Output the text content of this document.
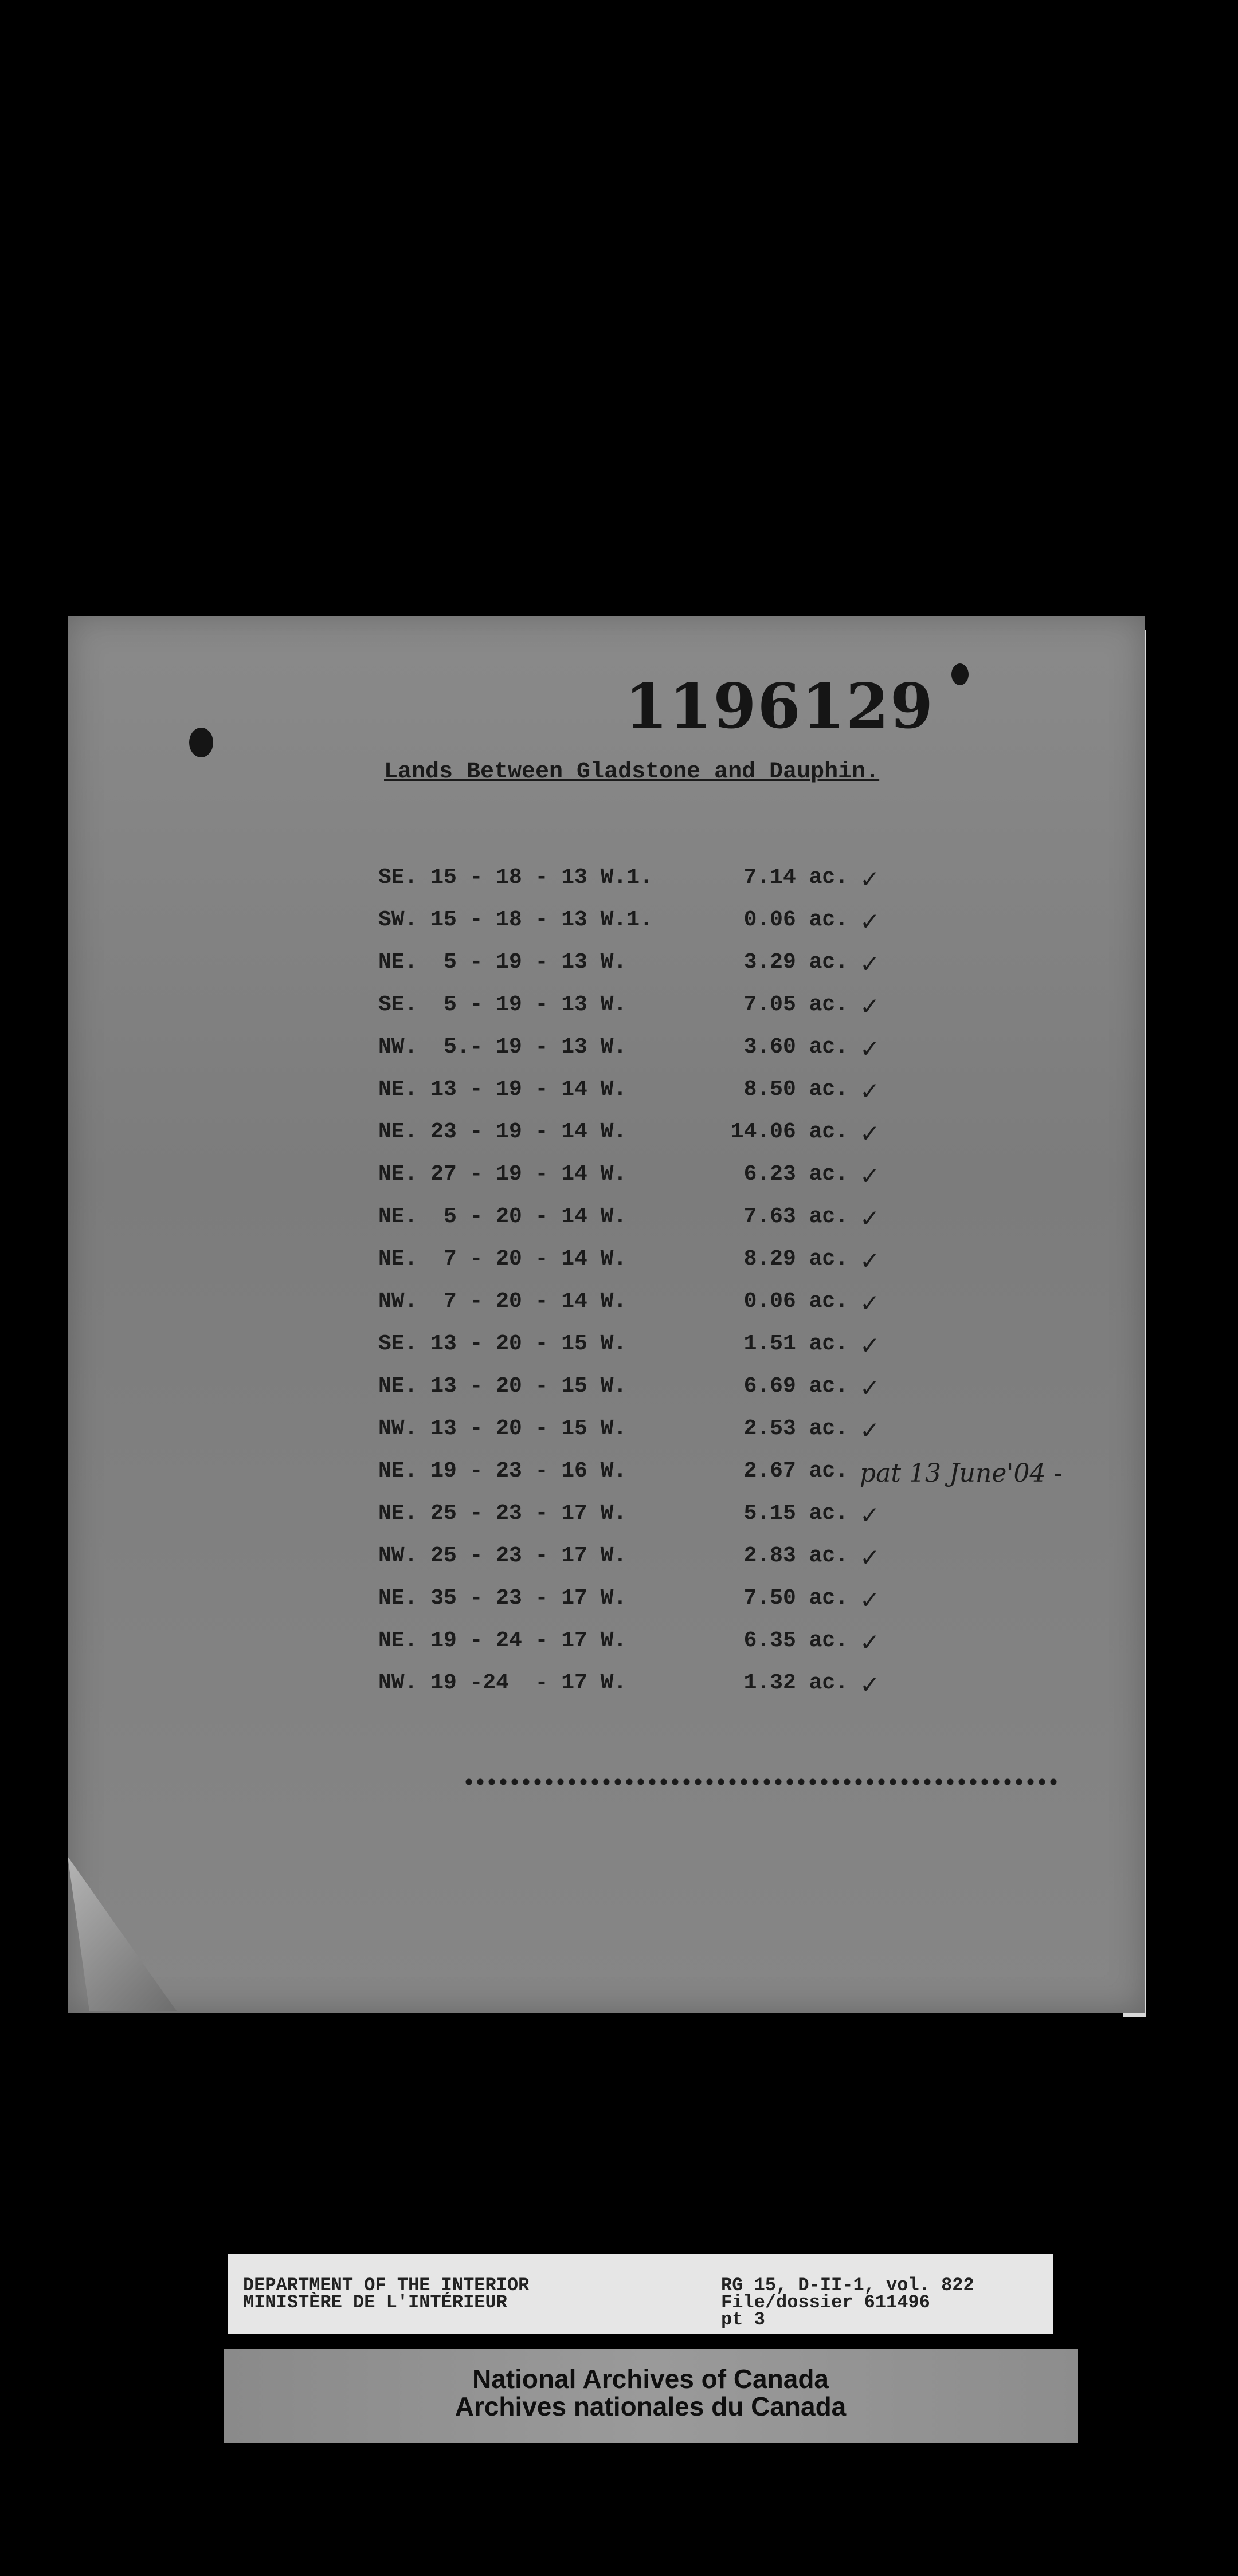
1196129
Lands Between Gladstone and Dauphin.
SE. 15 - 18 - 13 W.1.	7.14 ac. ✓
SW. 15 - 18 - 13 W.1.	0.06 ac. ✓
NE.  5 - 19 - 13 W.	3.29 ac. ✓
SE.  5 - 19 - 13 W.	7.05 ac. ✓
NW.  5.- 19 - 13 W.	3.60 ac. ✓
NE. 13 - 19 - 14 W.	8.50 ac. ✓
NE. 23 - 19 - 14 W.	14.06 ac. ✓
NE. 27 - 19 - 14 W.	6.23 ac. ✓
NE.  5 - 20 - 14 W.	7.63 ac. ✓
NE.  7 - 20 - 14 W.	8.29 ac. ✓
NW.  7 - 20 - 14 W.	0.06 ac. ✓
SE. 13 - 20 - 15 W.	1.51 ac. ✓
NE. 13 - 20 - 15 W.	6.69 ac. ✓
NW. 13 - 20 - 15 W.	2.53 ac. ✓
NE. 19 - 23 - 16 W.	2.67 ac. pat 13 June'04 -
NE. 25 - 23 - 17 W.	5.15 ac. ✓
NW. 25 - 23 - 17 W.	2.83 ac. ✓
NE. 35 - 23 - 17 W.	7.50 ac. ✓
NE. 19 - 24 - 17 W.	6.35 ac. ✓
NW. 19 -24  - 17 W.	1.32 ac. ✓
DEPARTMENT OF THE INTERIOR
MINISTÈRE DE L'INTÉRIEUR
RG 15, D-II-1, vol. 822
File/dossier 611496
pt 3
National Archives of Canada
Archives nationales du Canada
